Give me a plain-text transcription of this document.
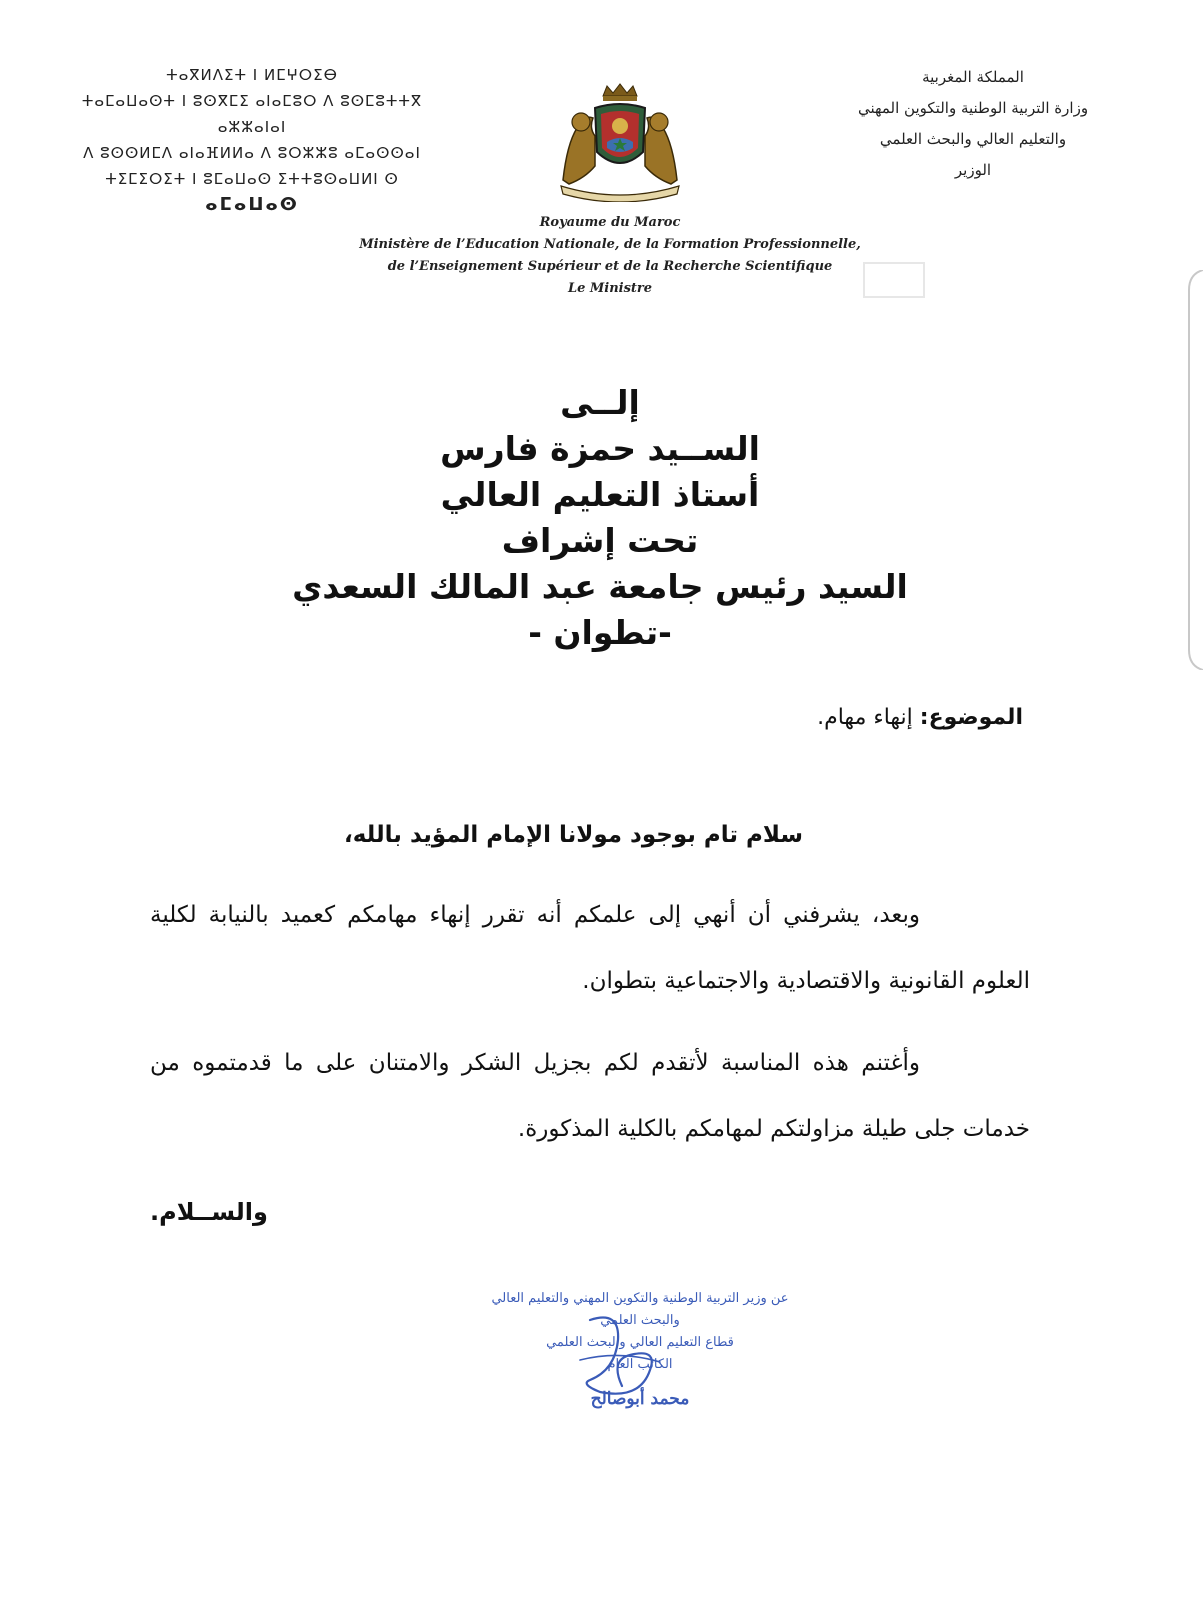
ⵜⴰⴳⵍⴷⵉⵜ ⵏ ⵍⵎⵖⵔⵉⴱ
ⵜⴰⵎⴰⵡⴰⵙⵜ ⵏ ⵓⵙⴳⵎⵉ ⴰⵏⴰⵎⵓⵔ ⴷ ⵓⵙⵎⵓⵜⵜⴳ ⴰⵣⵣⴰⵏⴰⵏ
ⴷ ⵓⵙⵙⵍⵎⴷ ⴰⵏⴰⴼⵍⵍⴰ ⴷ ⵓⵔⵣⵣⵓ ⴰⵎⴰⵙⵙⴰⵏ
ⵜⵉⵎⵉⵔⵉⵜ ⵏ ⵓⵎⴰⵡⴰⵙ ⵉⵜⵜⵓⵙⴰⵡⵍⵏ ⵙ
ⴰⵎⴰⵡⴰⵙ
المملكة المغربية
وزارة التربية الوطنية والتكوين المهني
والتعليم العالي والبحث العلمي
الوزير
Royaume du Maroc
Ministère de l’Education Nationale, de la Formation Professionnelle,
de l’Enseignement Supérieur et de la Recherche Scientifique
Le Ministre
إلــى
الســيد حمزة فارس
أستاذ التعليم العالي
تحت إشراف
السيد رئيس جامعة عبد المالك السعدي
-تطوان -
الموضوع: إنهاء مهام.
سلام تام بوجود مولانا الإمام المؤيد بالله،
وبعد، يشرفني أن أنهي إلى علمكم أنه تقرر إنهاء مهامكم كعميد بالنيابة لكلية العلوم القانونية والاقتصادية والاجتماعية بتطوان.
وأغتنم هذه المناسبة لأتقدم لكم بجزيل الشكر والامتنان على ما قدمتموه من خدمات جلى طيلة مزاولتكم لمهامكم بالكلية المذكورة.
والســلام.
عن وزير التربية الوطنية والتكوين المهني والتعليم العالي
والبحث العلمي
قطاع التعليم العالي والبحث العلمي
الكاتب العام
محمد أبوصالح
